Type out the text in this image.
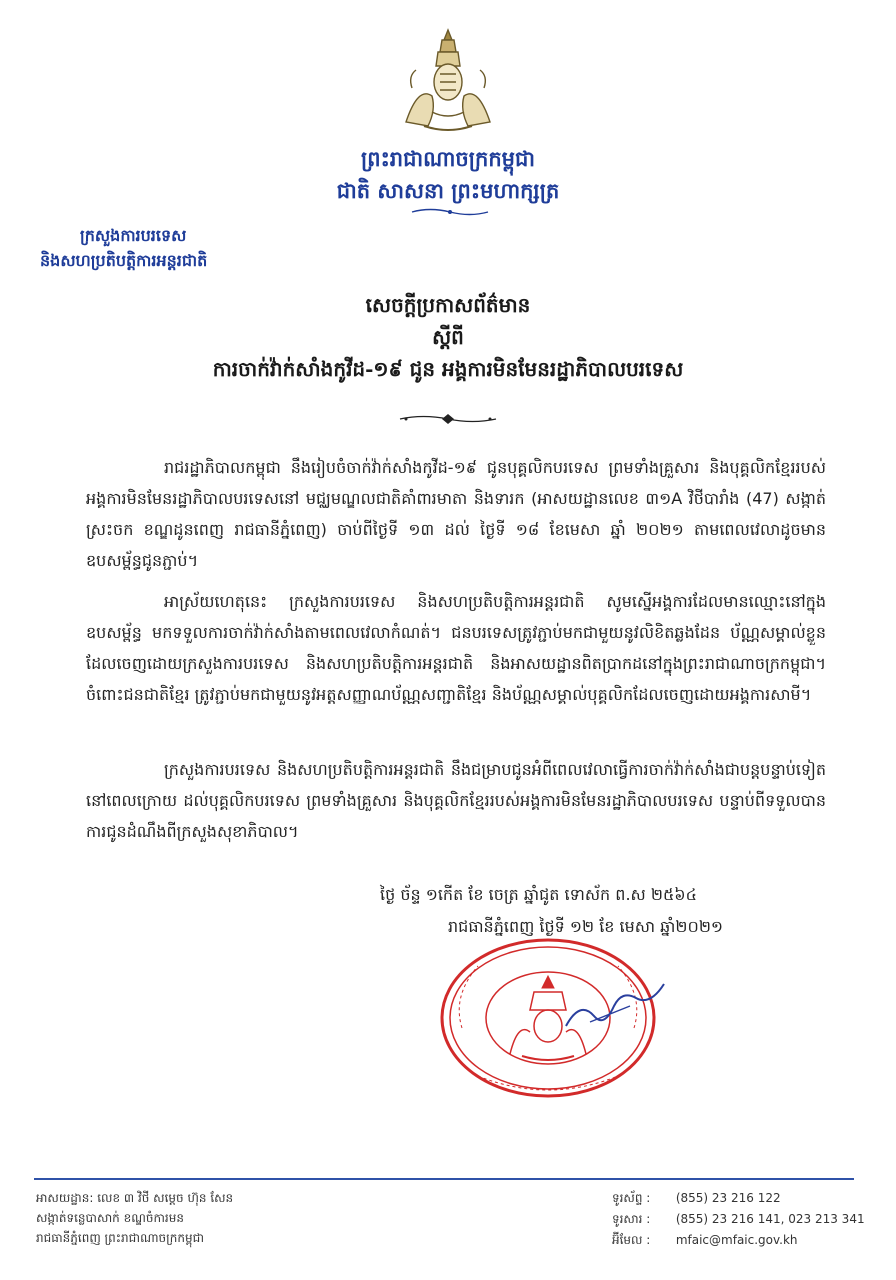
ព្រះរាជាណាចក្រកម្ពុជា
ជាតិ សាសនា ព្រះមហាក្សត្រ
ក្រសួងការបរទេស
និងសហប្រតិបត្តិការអន្តរជាតិ
សេចក្តីប្រកាសព័ត៌មាន
ស្តីពី
ការចាក់វ៉ាក់សាំងកូវីដ-១៩ ជូន អង្គការមិនមែនរដ្ឋាភិបាលបរទេស
រាជរដ្ឋាភិបាលកម្ពុជា នឹងរៀបចំចាក់វ៉ាក់សាំងកូវីដ-១៩ ជូនបុគ្គលិកបរទេស ព្រមទាំងគ្រួសារ និងបុគ្គលិកខ្មែររបស់អង្គការមិនមែនរដ្ឋាភិបាលបរទេសនៅ មជ្ឈមណ្ឌលជាតិគាំពារមាតា និងទារក (អាសយដ្ឋានលេខ ៣១A វិថីបារាំង (47) សង្កាត់ស្រះចក ខណ្ឌដូនពេញ រាជធានីភ្នំពេញ) ចាប់ពីថ្ងៃទី ១៣ ដល់ ថ្ងៃទី ១៨ ខែមេសា ឆ្នាំ ២០២១ តាមពេលវេលាដូចមានឧបសម្ព័ន្ធជូនភ្ជាប់។
អាស្រ័យហេតុនេះ ក្រសួងការបរទេស និងសហប្រតិបត្តិការអន្តរជាតិ សូមស្នើអង្គការដែលមានឈ្មោះនៅក្នុងឧបសម្ព័ន្ធ មកទទួលការចាក់វ៉ាក់សាំងតាមពេលវេលាកំណត់។ ជនបរទេសត្រូវភ្ជាប់មកជាមួយនូវលិខិតឆ្លងដែន ប័ណ្ណសម្គាល់ខ្លួន ដែលចេញដោយក្រសួងការបរទេស និងសហប្រតិបត្តិការអន្តរជាតិ និងអាសយដ្ឋានពិតប្រាកដនៅក្នុងព្រះរាជាណាចក្រកម្ពុជា។ ចំពោះជនជាតិខ្មែរ ត្រូវភ្ជាប់មកជាមួយនូវអត្តសញ្ញាណប័ណ្ណសញ្ជាតិខ្មែរ និងប័ណ្ណសម្គាល់បុគ្គលិកដែលចេញដោយអង្គការសាមី។
ក្រសួងការបរទេស និងសហប្រតិបត្តិការអន្តរជាតិ នឹងជម្រាបជូនអំពីពេលវេលាធ្វើការចាក់វ៉ាក់សាំងជាបន្តបន្ទាប់ទៀតនៅពេលក្រោយ ដល់បុគ្គលិកបរទេស ព្រមទាំងគ្រួសារ និងបុគ្គលិកខ្មែររបស់អង្គការមិនមែនរដ្ឋាភិបាលបរទេស បន្ទាប់ពីទទួលបានការជូនដំណឹងពីក្រសួងសុខាភិបាល។
ថ្ងៃ ច័ន្ទ ១កើត ខែ ចេត្រ ឆ្នាំជូត ទោស័ក ព.ស ២៥៦៤
រាជធានីភ្នំពេញ ថ្ងៃទី ១២ ខែ មេសា ឆ្នាំ២០២១
អាសយដ្ឋាន: លេខ ៣ វិថី សម្តេច ហ៊ុន សែន
សង្កាត់ទន្លេបាសាក់ ខណ្ឌចំការមន
រាជធានីភ្នំពេញ ព្រះរាជាណាចក្រកម្ពុជា
ទូរស័ព្ទ : (855) 23 216 122
ទូរសារ : (855) 23 216 141, 023 213 341
អ៊ីមែល : mfaic@mfaic.gov.kh
